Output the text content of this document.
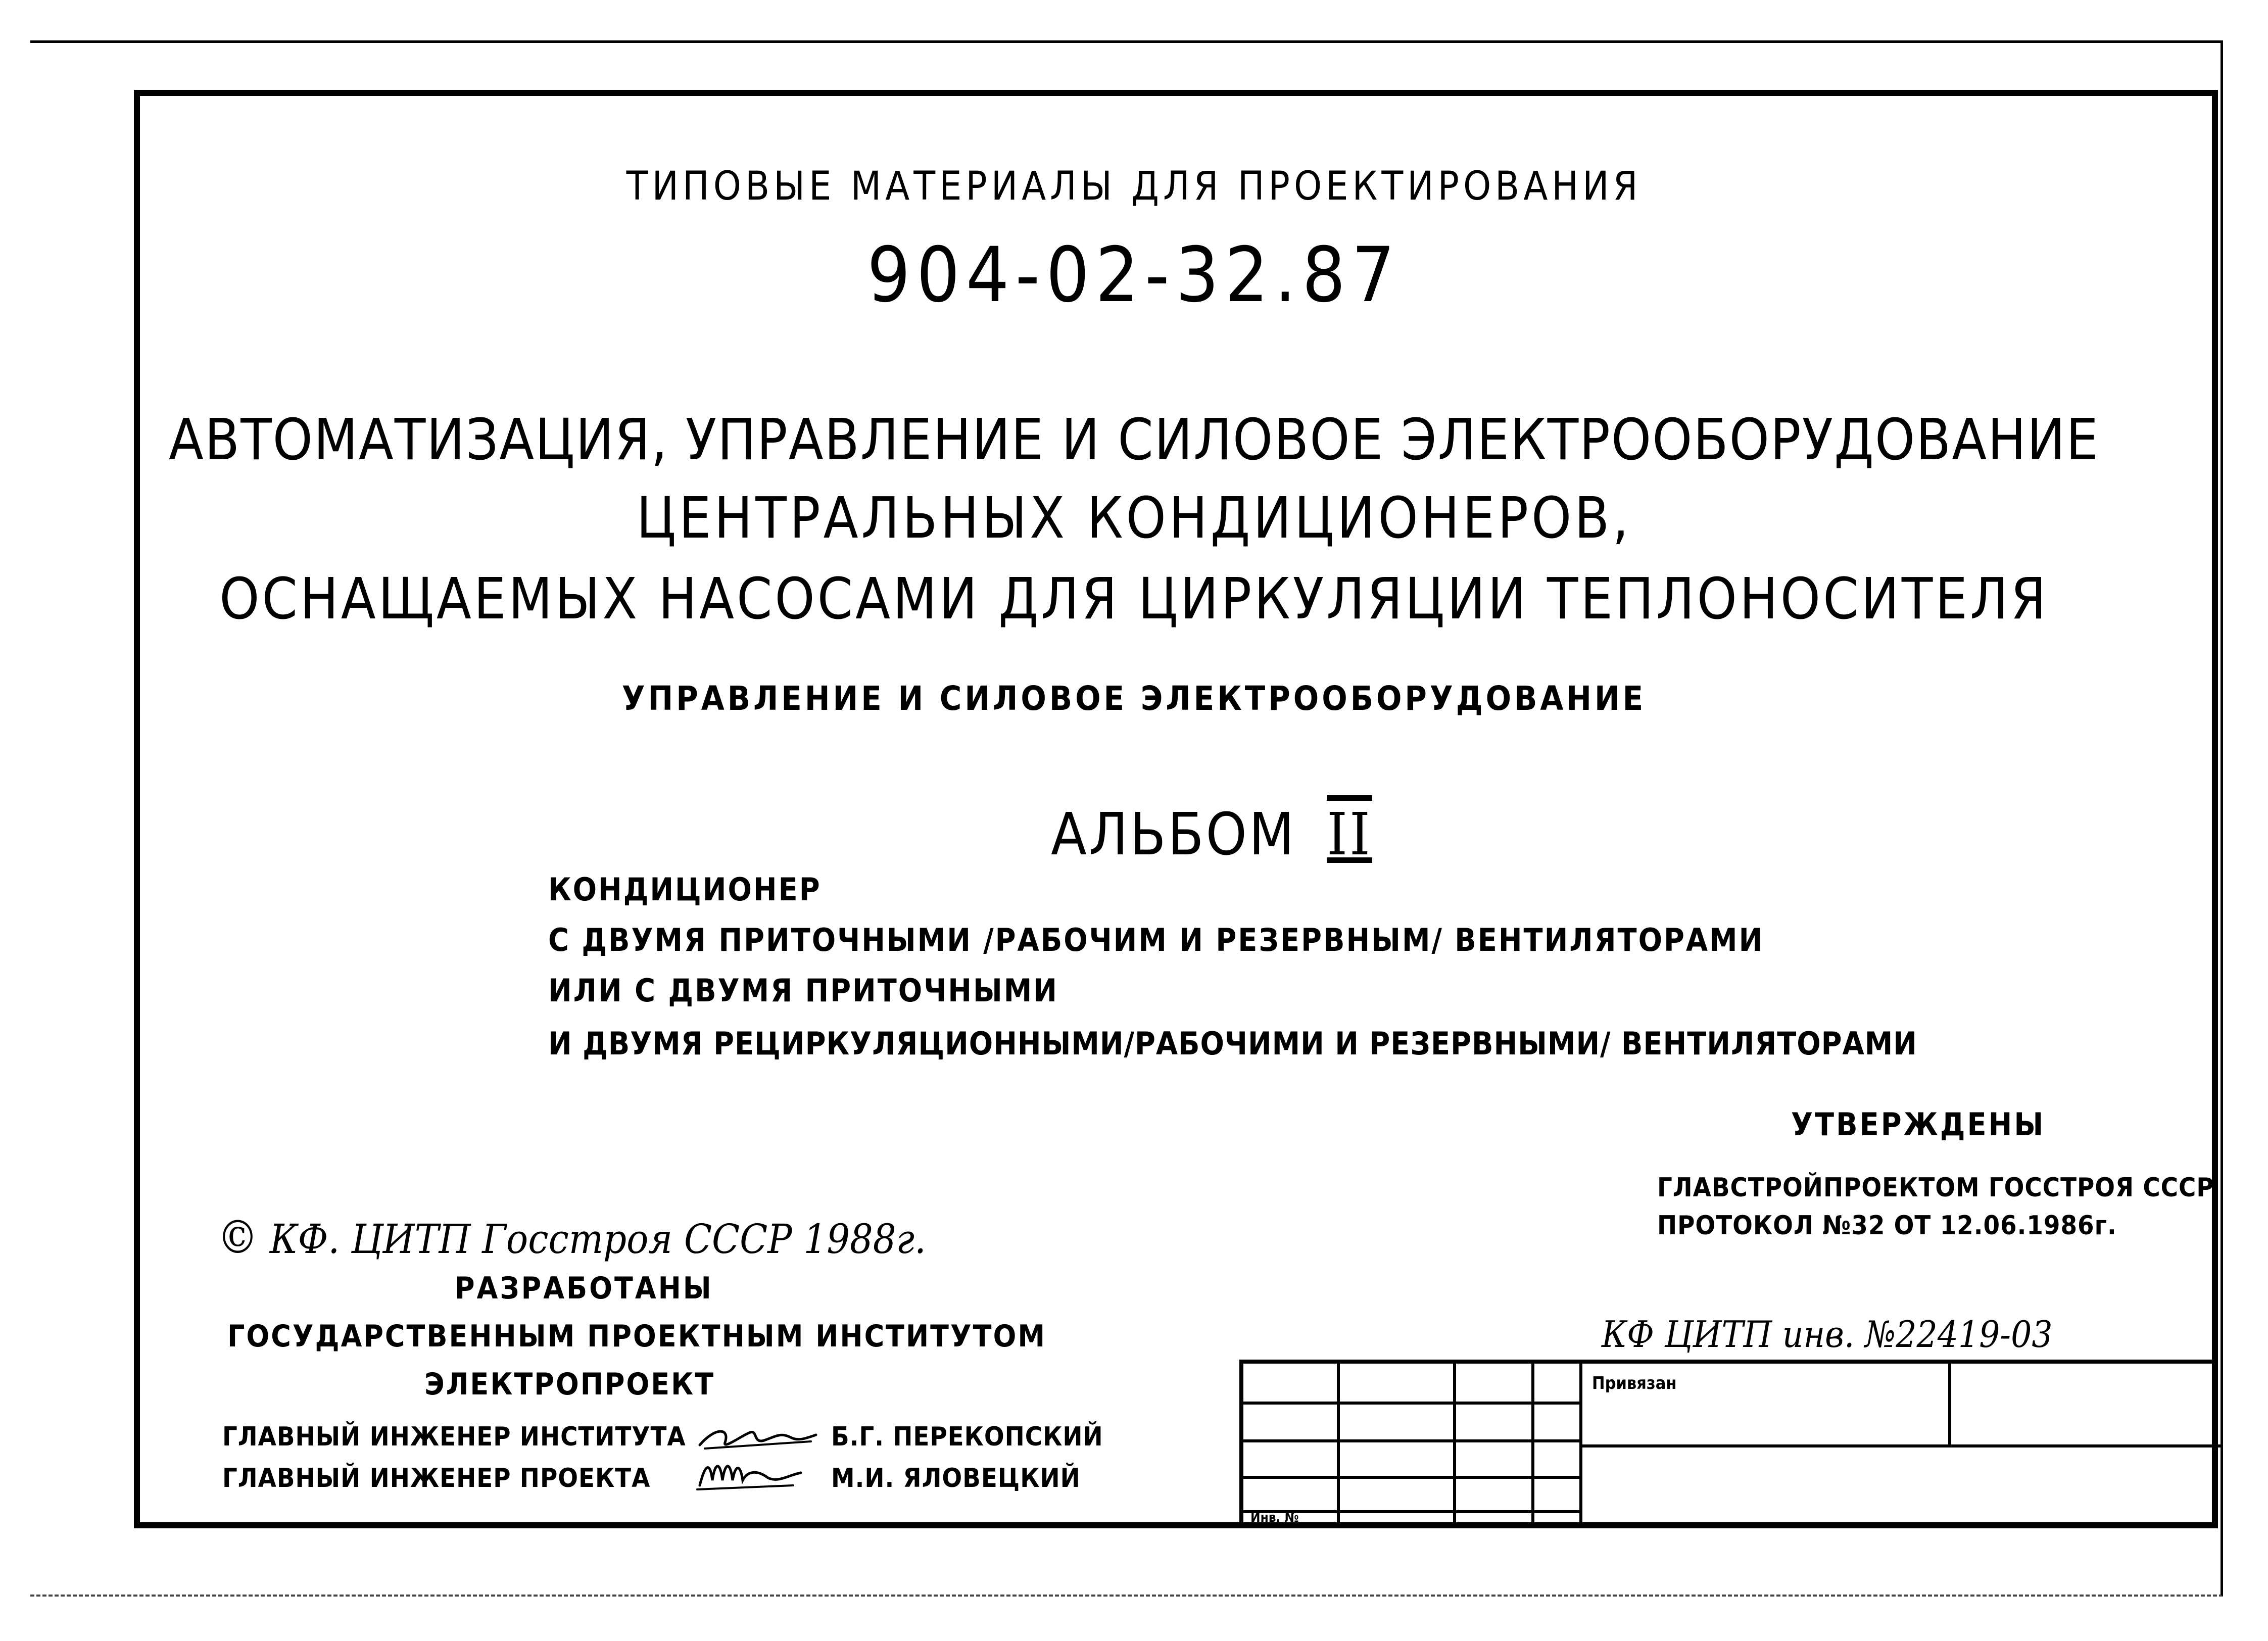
ТИПОВЫЕ МАТЕРИАЛЫ ДЛЯ ПРОЕКТИРОВАНИЯ
904-02-32.87
АВТОМАТИЗАЦИЯ, УПРАВЛЕНИЕ И СИЛОВОЕ ЭЛЕКТРООБОРУДОВАНИЕ
ЦЕНТРАЛЬНЫХ КОНДИЦИОНЕРОВ,
ОСНАЩАЕМЫХ НАСОСАМИ ДЛЯ ЦИРКУЛЯЦИИ ТЕПЛОНОСИТЕЛЯ
УПРАВЛЕНИЕ И СИЛОВОЕ ЭЛЕКТРООБОРУДОВАНИЕ
АЛЬБОМ II
КОНДИЦИОНЕР
С ДВУМЯ ПРИТОЧНЫМИ /РАБОЧИМ И РЕЗЕРВНЫМ/ ВЕНТИЛЯТОРАМИ
ИЛИ С ДВУМЯ ПРИТОЧНЫМИ
И ДВУМЯ РЕЦИРКУЛЯЦИОННЫМИ/РАБОЧИМИ И РЕЗЕРВНЫМИ/ ВЕНТИЛЯТОРАМИ
УТВЕРЖДЕНЫ
ГЛАВСТРОЙПРОЕКТОМ ГОССТРОЯ СССР
ПРОТОКОЛ №32 ОТ 12.06.1986г.
© КФ. ЦИТП Госстроя СССР 1988г.
РАЗРАБОТАНЫ
ГОСУДАРСТВЕННЫМ ПРОЕКТНЫМ ИНСТИТУТОМ
ЭЛЕКТРОПРОЕКТ
ГЛАВНЫЙ ИНЖЕНЕР ИНСТИТУТА	Б.Г. ПЕРЕКОПСКИЙ
ГЛАВНЫЙ ИНЖЕНЕР ПРОЕКТА	М.И. ЯЛОВЕЦКИЙ
КФ ЦИТП инв. №22419-03
Привязан
Инв. №
